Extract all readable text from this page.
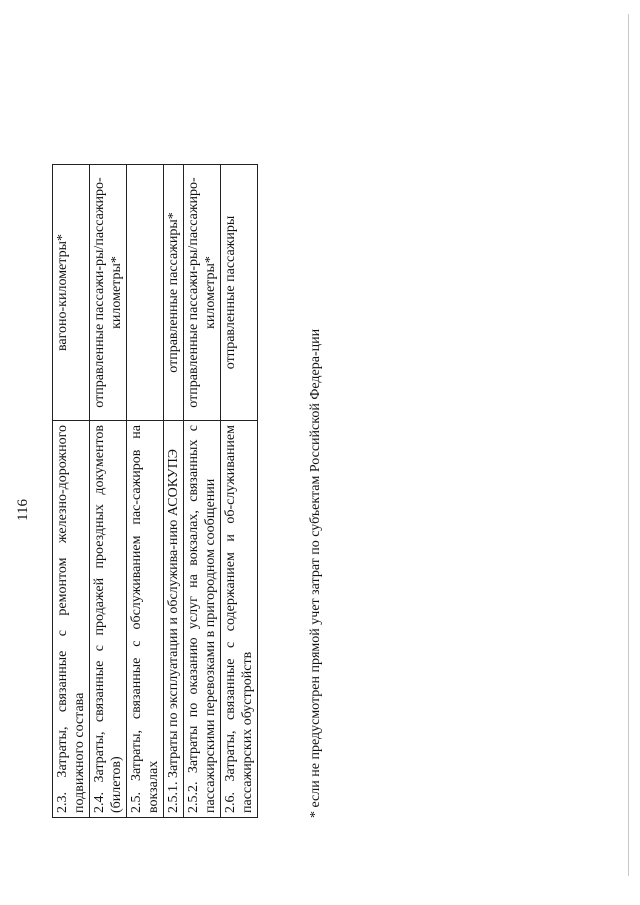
116 2.3. Затраты, связанные с ремонтом железно-дорожного подвижного состава	вагоно-километры*
2.4. Затраты, связанные с продажей проездных документов (билетов)	отправленные пассажи-ры/пассажиро-километры*
2.5. Затраты, связанные с обслуживанием пас-сажиров на вокзалах	
2.5.1. Затраты по эксплуатации и обслужива-нию АСОКУПЭ	отправленные пассажиры*
2.5.2. Затраты по оказанию услуг на вокзалах, связанных с пассажирскими перевозками в пригородном сообщении	отправленные пассажи-ры/пассажиро-километры*
2.6. Затраты, связанные с содержанием и об-служиванием пассажирских обустройств	отправленные пассажиры
* если не предусмотрен прямой учет затрат по субъектам Российской Федера-ции
